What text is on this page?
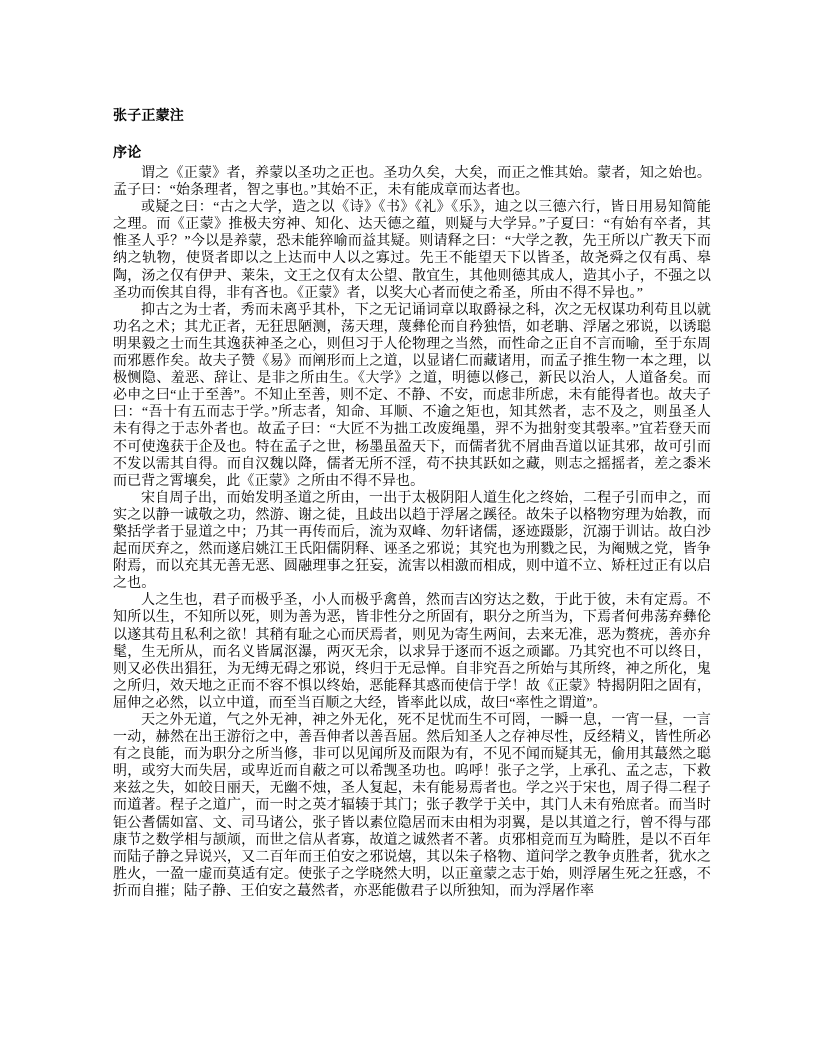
张子正蒙注
序论

谓之《正蒙》者，养蒙以圣功之正也。圣功久矣，大矣，而正之惟其始。蒙者，知之始也。孟子曰：“始条理者，智之事也。”其始不正，未有能成章而达者也。

或疑之曰：“古之大学，造之以《诗》《书》《礼》《乐》，迪之以三德六行，皆日用易知简能之理。而《正蒙》推极夫穷神、知化、达天德之蕴，则疑与大学异。”子夏曰：“有始有卒者，其惟圣人乎？”今以是养蒙，恐未能猝喻而益其疑。则请释之曰：“大学之教，先王所以广教天下而纳之轨物，使贤者即以之上达而中人以之寡过。先王不能望天下以皆圣，故尧舜之仅有禹、皋陶，汤之仅有伊尹、莱朱，文王之仅有太公望、散宜生，其他则德其成人，造其小子，不强之以圣功而俟其自得，非有吝也。《正蒙》者，以奖大心者而使之希圣，所由不得不异也。”

抑古之为士者，秀而未离乎其朴，下之无记诵词章以取爵禄之科，次之无权谋功利苟且以就功名之术；其尤正者，无狂思陋测，荡天理，蔑彝伦而自矜独悟，如老聃、浮屠之邪说，以诱聪明果毅之士而生其逸获神圣之心，则但习于人伦物理之当然，而性命之正自不言而喻，至于东周而邪慝作矣。故夫子赞《易》而阐形而上之道，以显诸仁而藏诸用，而孟子推生物一本之理，以极恻隐、羞恶、辞让、是非之所由生。《大学》之道，明德以修己，新民以治人，人道备矣。而必申之曰“止于至善”。不知止至善，则不定、不静、不安，而虑非所虑，未有能得者也。故夫子曰：“吾十有五而志于学。”所志者，知命、耳顺、不逾之矩也，知其然者，志不及之，则虽圣人未有得之于志外者也。故孟子曰：“大匠不为拙工改废绳墨，羿不为拙射变其彀率。”宜若登天而不可使逸获于企及也。特在孟子之世，杨墨虽盈天下，而儒者犹不屑曲吾道以证其邪，故可引而不发以需其自得。而自汉魏以降，儒者无所不淫，苟不抉其跃如之藏，则志之摇摇者，差之黍米而已背之霄壤矣，此《正蒙》之所由不得不异也。

宋自周子出，而始发明圣道之所由，一出于太极阴阳人道生化之终始，二程子引而申之，而实之以静一诚敬之功，然游、谢之徒，且歧出以趋于浮屠之蹊径。故朱子以格物穷理为始教，而檠括学者于显道之中；乃其一再传而后，流为双峰、勿轩诸儒，逐迹蹑影，沉溺于训诂。故白沙起而厌弃之，然而遂启姚江王氏阳儒阴释、诬圣之邪说；其究也为刑戮之民，为阉贼之党，皆争附焉，而以充其无善无恶、圆融理事之狂妄，流害以相激而相成，则中道不立、矫枉过正有以启之也。

人之生也，君子而极乎圣，小人而极乎禽兽，然而吉凶穷达之数，于此于彼，未有定焉。不知所以生，不知所以死，则为善为恶，皆非性分之所固有，职分之所当为，下焉者何弗荡弃彝伦以遂其苟且私利之欲！其稍有耻之心而厌焉者，则见为寄生两间，去来无准，恶为赘疣，善亦弁髦，生无所从，而名义皆属沤瀑，两灭无余，以求异于逐而不返之顽鄙。乃其究也不可以终日，则又必佚出猖狂，为无缚无碍之邪说，终归于无忌惮。自非究吾之所始与其所终，神之所化，鬼之所归，效天地之正而不容不惧以终始，恶能释其惑而使信于学！故《正蒙》特揭阴阳之固有，屈伸之必然，以立中道，而至当百顺之大经，皆率此以成，故曰“率性之谓道”。

天之外无道，气之外无神，神之外无化，死不足忧而生不可罔，一瞬一息，一宵一昼，一言一动，赫然在出王游衍之中，善吾伸者以善吾屈。然后知圣人之存神尽性，反经精义，皆性所必有之良能，而为职分之所当修，非可以见闻所及而限为有，不见不闻而疑其无，偷用其蕞然之聪明，或穷大而失居，或卑近而自蔽之可以希觊圣功也。呜呼！张子之学，上承孔、孟之志，下救来兹之失，如皎日丽天，无幽不烛，圣人复起，未有能易焉者也。学之兴于宋也，周子得二程子而道著。程子之道广，而一时之英才辐辏于其门；张子教学于关中，其门人未有殆庶者。而当时钜公耆儒如富、文、司马诸公，张子皆以素位隐居而末由相为羽翼，是以其道之行，曾不得与邵康节之数学相与颉颃，而世之信从者寡，故道之诚然者不著。贞邪相竞而互为畸胜，是以不百年而陆子静之异说兴，又二百年而王伯安之邪说熺，其以朱子格物、道问学之教争贞胜者，犹水之胜火，一盈一虚而莫适有定。使张子之学晓然大明，以正童蒙之志于始，则浮屠生死之狂惑，不折而自摧；陆子静、王伯安之蕞然者，亦恶能傲君子以所独知，而为浮屠作率
